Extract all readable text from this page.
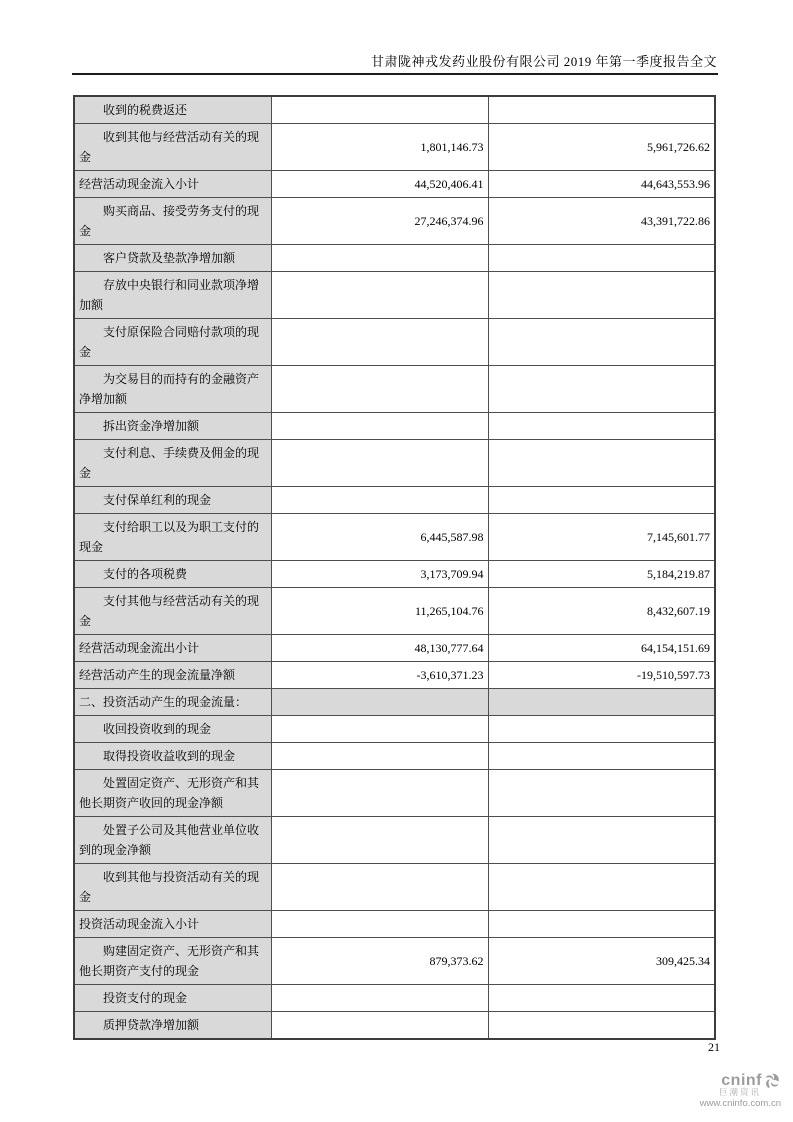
甘肃陇神戎发药业股份有限公司 2019 年第一季度报告全文
收到的税费返还		
收到其他与经营活动有关的现金	1,801,146.73	5,961,726.62
经营活动现金流入小计	44,520,406.41	44,643,553.96
购买商品、接受劳务支付的现金	27,246,374.96	43,391,722.86
客户贷款及垫款净增加额		
存放中央银行和同业款项净增加额		
支付原保险合同赔付款项的现金		
为交易目的而持有的金融资产净增加额		
拆出资金净增加额		
支付利息、手续费及佣金的现金		
支付保单红利的现金		
支付给职工以及为职工支付的现金	6,445,587.98	7,145,601.77
支付的各项税费	3,173,709.94	5,184,219.87
支付其他与经营活动有关的现金	11,265,104.76	8,432,607.19
经营活动现金流出小计	48,130,777.64	64,154,151.69
经营活动产生的现金流量净额	-3,610,371.23	-19,510,597.73
二、投资活动产生的现金流量：		
收回投资收到的现金		
取得投资收益收到的现金		
处置固定资产、无形资产和其他长期资产收回的现金净额		
处置子公司及其他营业单位收到的现金净额		
收到其他与投资活动有关的现金		
投资活动现金流入小计		
购建固定资产、无形资产和其他长期资产支付的现金	879,373.62	309,425.34
投资支付的现金		
质押贷款净增加额		
21
cninf
巨潮资讯
www.cninfo.com.cn
